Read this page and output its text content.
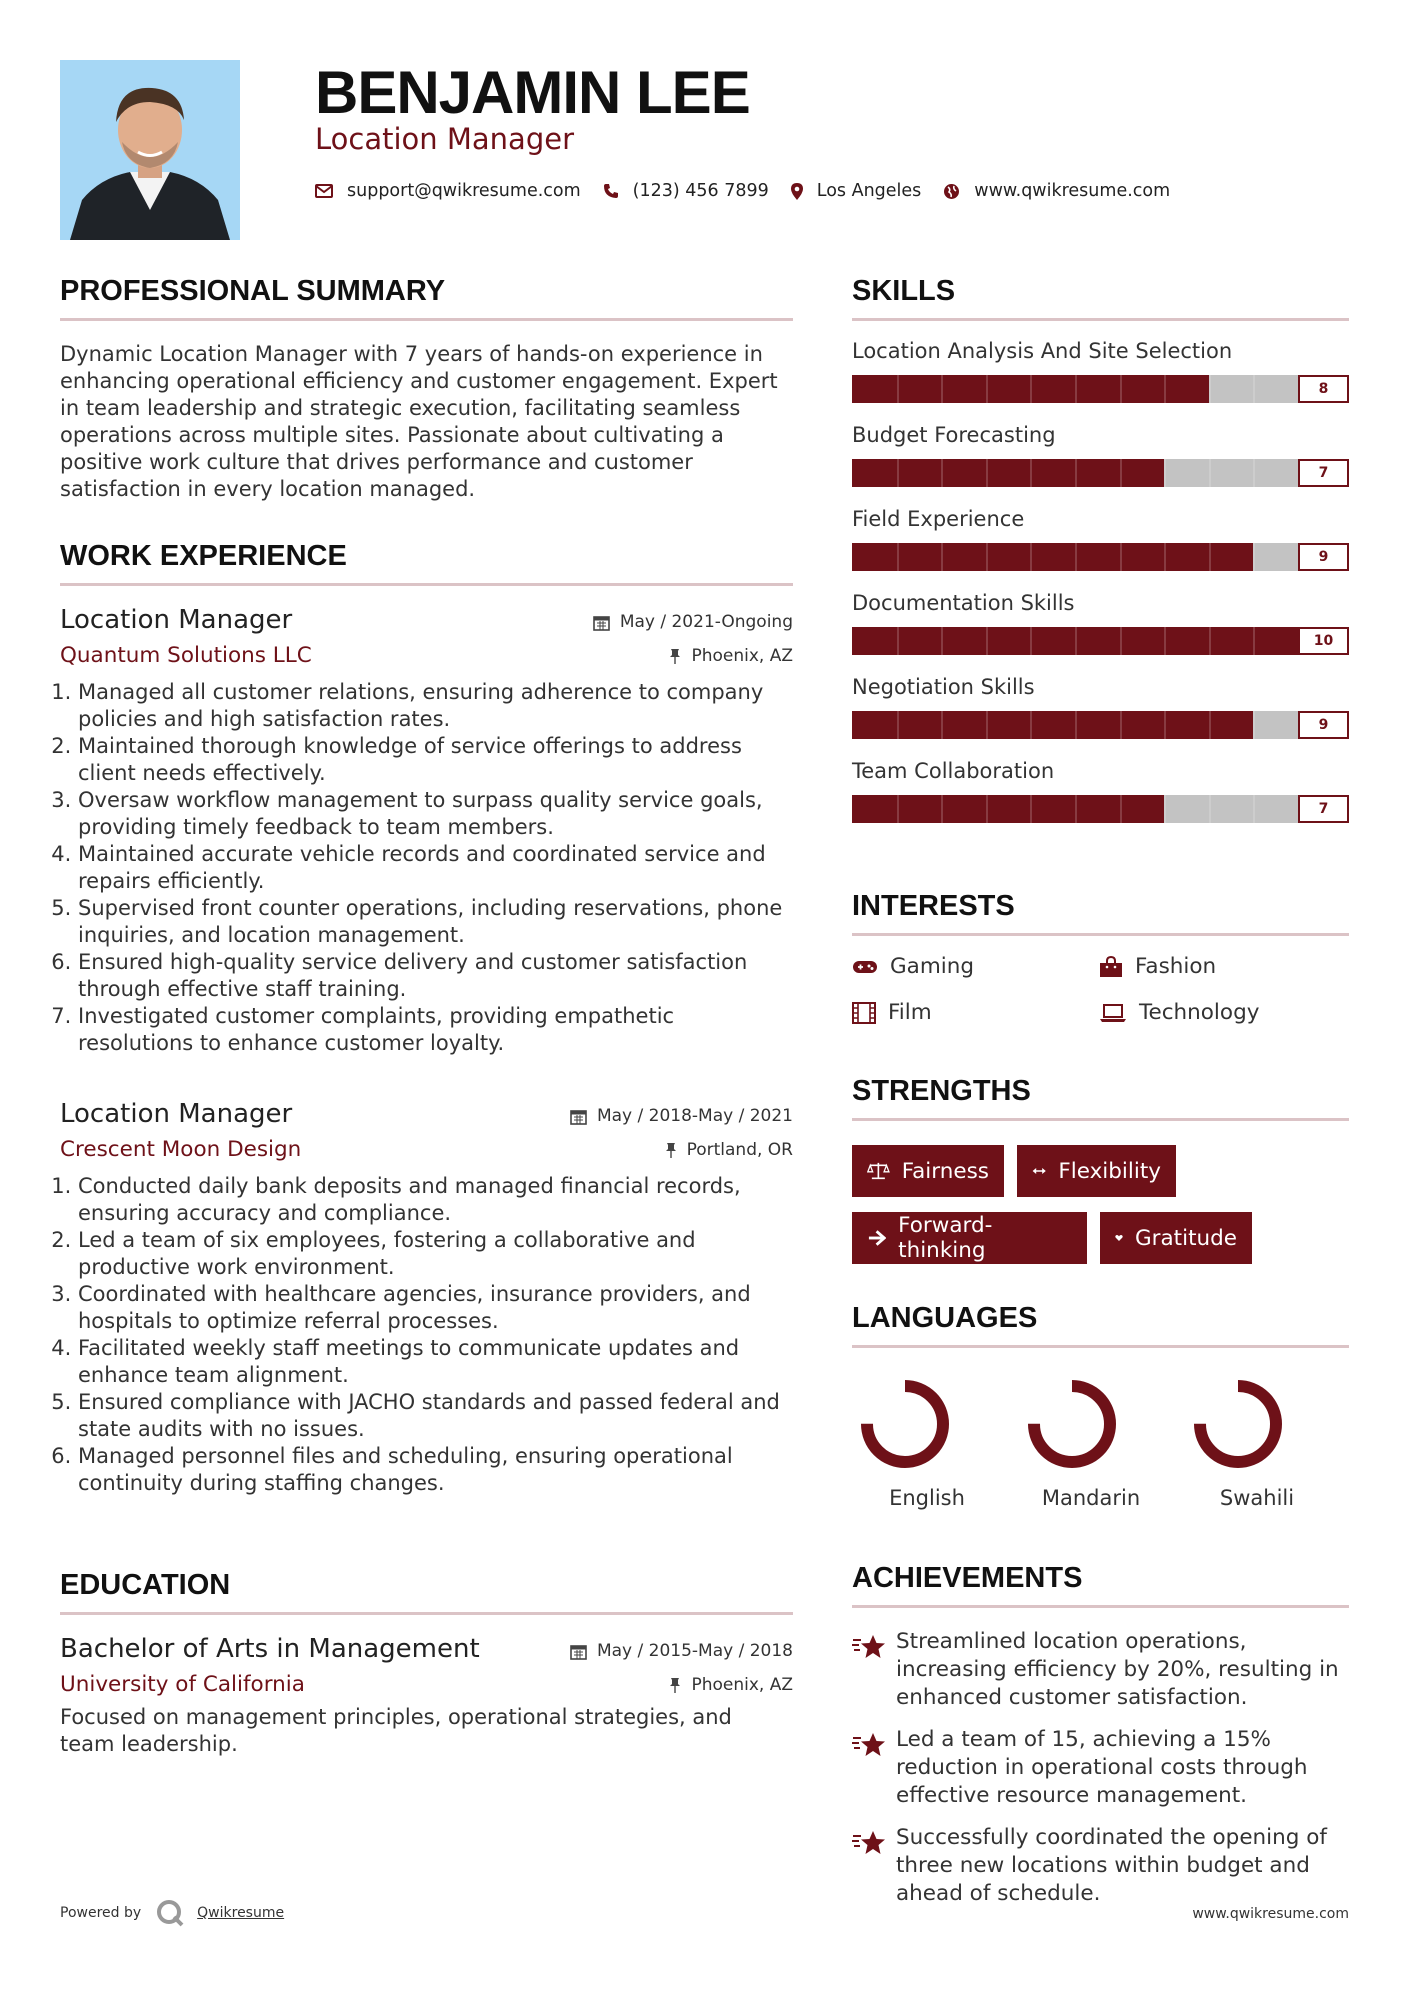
BENJAMIN LEE
Location Manager
support@qwikresume.com	(123) 456 7899	Los Angeles	www.qwikresume.com
PROFESSIONAL SUMMARY
Dynamic Location Manager with 7 years of hands-on experience in enhancing operational efficiency and customer engagement. Expert in team leadership and strategic execution, facilitating seamless operations across multiple sites. Passionate about cultivating a positive work culture that drives performance and customer satisfaction in every location managed.
WORK EXPERIENCE
Location Manager
Quantum Solutions LLC
May / 2021-Ongoing
Phoenix, AZ
1. Managed all customer relations, ensuring adherence to company policies and high satisfaction rates.
2. Maintained thorough knowledge of service offerings to address client needs effectively.
3. Oversaw workflow management to surpass quality service goals, providing timely feedback to team members.
4. Maintained accurate vehicle records and coordinated service and repairs efficiently.
5. Supervised front counter operations, including reservations, phone inquiries, and location management.
6. Ensured high-quality service delivery and customer satisfaction through effective staff training.
7. Investigated customer complaints, providing empathetic resolutions to enhance customer loyalty.
Location Manager
Crescent Moon Design
May / 2018-May / 2021
Portland, OR
1. Conducted daily bank deposits and managed financial records, ensuring accuracy and compliance.
2. Led a team of six employees, fostering a collaborative and productive work environment.
3. Coordinated with healthcare agencies, insurance providers, and hospitals to optimize referral processes.
4. Facilitated weekly staff meetings to communicate updates and enhance team alignment.
5. Ensured compliance with JACHO standards and passed federal and state audits with no issues.
6. Managed personnel files and scheduling, ensuring operational continuity during staffing changes.
EDUCATION
Bachelor of Arts in Management
University of California
May / 2015-May / 2018
Phoenix, AZ
Focused on management principles, operational strategies, and team leadership.
SKILLS
Location Analysis And Site Selection
8
Budget Forecasting
7
Field Experience
9
Documentation Skills
10
Negotiation Skills
9
Team Collaboration
7
INTERESTS
Gaming	Fashion
Film	Technology
STRENGTHS
Fairness	Flexibility
Forward-thinking	Gratitude
LANGUAGES
English	Mandarin	Swahili
ACHIEVEMENTS
Streamlined location operations, increasing efficiency by 20%, resulting in enhanced customer satisfaction.
Led a team of 15, achieving a 15% reduction in operational costs through effective resource management.
Successfully coordinated the opening of three new locations within budget and ahead of schedule.
Powered by	Qwikresume	www.qwikresume.com
